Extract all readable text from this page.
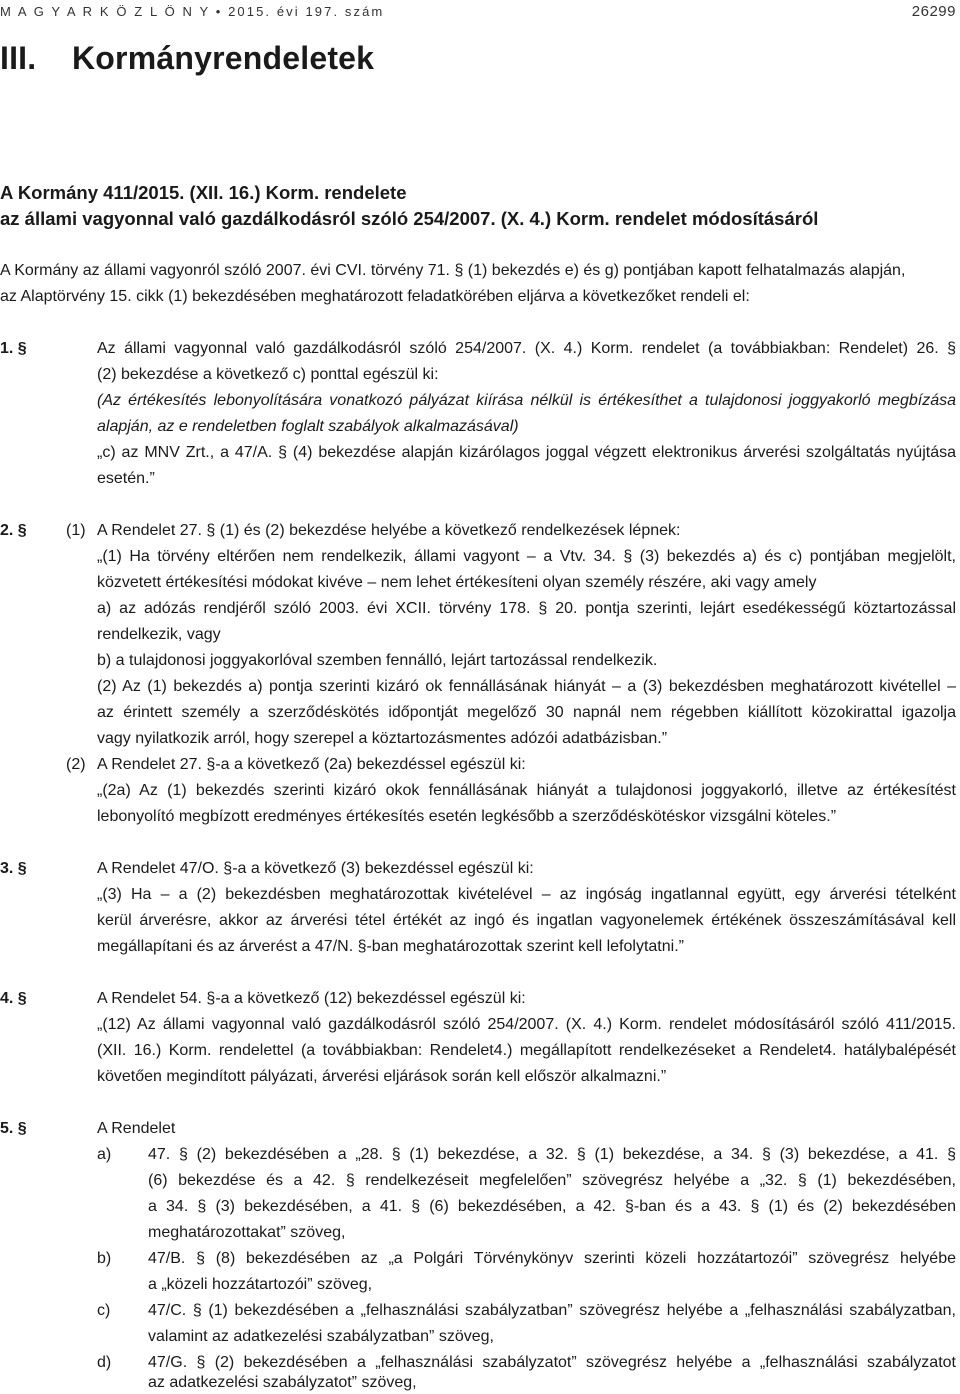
M A G Y A R K Ö Z L Ö N Y • 2015. évi 197. szám	26299
III. Kormányrendeletek
A Kormány 411/2015. (XII. 16.) Korm. rendelete
az állami vagyonnal való gazdálkodásról szóló 254/2007. (X. 4.) Korm. rendelet módosításáról
A Kormány az állami vagyonról szóló 2007. évi CVI. törvény 71. § (1) bekezdés e) és g) pontjában kapott felhatalmazás alapján,
az Alaptörvény 15. cikk (1) bekezdésében meghatározott feladatkörében eljárva a következőket rendeli el:
1. §	Az állami vagyonnal való gazdálkodásról szóló 254/2007. (X. 4.) Korm. rendelet (a továbbiakban: Rendelet) 26. §
(2) bekezdése a következő c) ponttal egészül ki:
(Az értékesítés lebonyolítására vonatkozó pályázat kiírása nélkül is értékesíthet a tulajdonosi joggyakorló megbízása
alapján, az e rendeletben foglalt szabályok alkalmazásával)
„c) az MNV Zrt., a 47/A. § (4) bekezdése alapján kizárólagos joggal végzett elektronikus árverési szolgáltatás nyújtása
esetén.”
2. § (1) A Rendelet 27. § (1) és (2) bekezdése helyébe a következő rendelkezések lépnek:
„(1) Ha törvény eltérően nem rendelkezik, állami vagyont – a Vtv. 34. § (3) bekezdés a) és c) pontjában megjelölt,
közvetett értékesítési módokat kivéve – nem lehet értékesíteni olyan személy részére, aki vagy amely
a) az adózás rendjéről szóló 2003. évi XCII. törvény 178. § 20. pontja szerinti, lejárt esedékességű köztartozással
rendelkezik, vagy
b) a tulajdonosi joggyakorlóval szemben fennálló, lejárt tartozással rendelkezik.
(2) Az (1) bekezdés a) pontja szerinti kizáró ok fennállásának hiányát – a (3) bekezdésben meghatározott kivétellel –
az érintett személy a szerződéskötés időpontját megelőző 30 napnál nem régebben kiállított közokirattal igazolja
vagy nyilatkozik arról, hogy szerepel a köztartozásmentes adózói adatbázisban.”
(2) A Rendelet 27. §-a a következő (2a) bekezdéssel egészül ki:
„(2a) Az (1) bekezdés szerinti kizáró okok fennállásának hiányát a tulajdonosi joggyakorló, illetve az értékesítést
lebonyolító megbízott eredményes értékesítés esetén legkésőbb a szerződéskötéskor vizsgálni köteles.”
3. §	A Rendelet 47/O. §-a a következő (3) bekezdéssel egészül ki:
„(3) Ha – a (2) bekezdésben meghatározottak kivételével – az ingóság ingatlannal együtt, egy árverési tételként
kerül árverésre, akkor az árverési tétel értékét az ingó és ingatlan vagyonelemek értékének összeszámításával kell
megállapítani és az árverést a 47/N. §-ban meghatározottak szerint kell lefolytatni.”
4. §	A Rendelet 54. §-a a következő (12) bekezdéssel egészül ki:
„(12) Az állami vagyonnal való gazdálkodásról szóló 254/2007. (X. 4.) Korm. rendelet módosításáról szóló 411/2015.
(XII. 16.) Korm. rendelettel (a továbbiakban: Rendelet4.) megállapított rendelkezéseket a Rendelet4. hatálybalépését
követően megindított pályázati, árverési eljárások során kell először alkalmazni.”
5. §	A Rendelet
a) 47. § (2) bekezdésében a „28. § (1) bekezdése, a 32. § (1) bekezdése, a 34. § (3) bekezdése, a 41. §
(6) bekezdése és a 42. § rendelkezéseit megfelelően” szövegrész helyébe a „32. § (1) bekezdésében,
a 34. § (3) bekezdésében, a 41. § (6) bekezdésében, a 42. §-ban és a 43. § (1) és (2) bekezdésében
meghatározottakat” szöveg,
b) 47/B. § (8) bekezdésében az „a Polgári Törvénykönyv szerinti közeli hozzátartozói” szövegrész helyébe
a „közeli hozzátartozói” szöveg,
c) 47/C. § (1) bekezdésében a „felhasználási szabályzatban” szövegrész helyébe a „felhasználási szabályzatban,
valamint az adatkezelési szabályzatban” szöveg,
d) 47/G. § (2) bekezdésében a „felhasználási szabályzatot” szövegrész helyébe a „felhasználási szabályzatot
az adatkezelési szabályzatot” szöveg,
